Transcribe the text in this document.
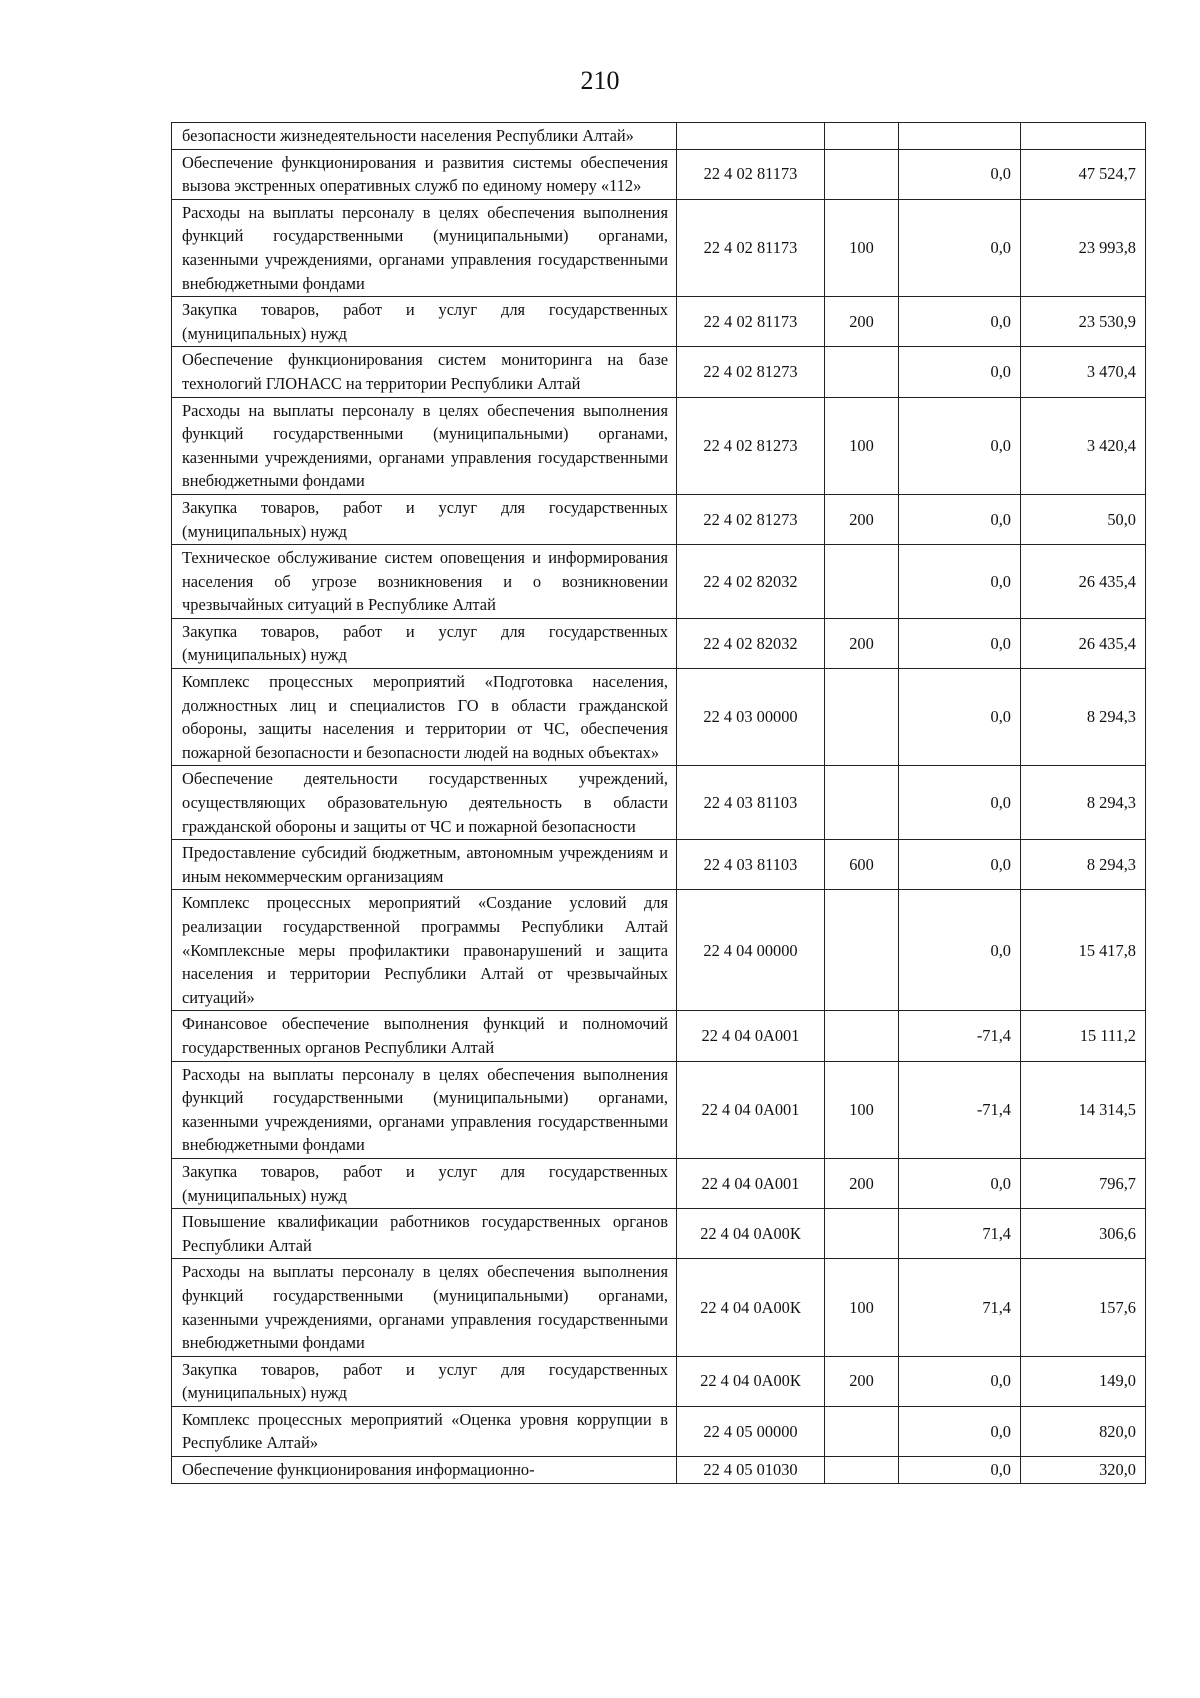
210
безопасности жизнедеятельности населения Республики Алтай»				
Обеспечение функционирования и развития системы обеспечения вызова экстренных оперативных служб по единому номеру «112»	22 4 02 81173		0,0	47 524,7
Расходы на выплаты персоналу в целях обеспечения выполнения функций государственными (муниципальными) органами, казенными учреждениями, органами управления государственными внебюджетными фондами	22 4 02 81173	100	0,0	23 993,8
Закупка товаров, работ и услуг для государственных (муниципальных) нужд	22 4 02 81173	200	0,0	23 530,9
Обеспечение функционирования систем мониторинга на базе технологий ГЛОНАСС на территории Республики Алтай	22 4 02 81273		0,0	3 470,4
Расходы на выплаты персоналу в целях обеспечения выполнения функций государственными (муниципальными) органами, казенными учреждениями, органами управления государственными внебюджетными фондами	22 4 02 81273	100	0,0	3 420,4
Закупка товаров, работ и услуг для государственных (муниципальных) нужд	22 4 02 81273	200	0,0	50,0
Техническое обслуживание систем оповещения и информирования населения об угрозе возникновения и о возникновении чрезвычайных ситуаций в Республике Алтай	22 4 02 82032		0,0	26 435,4
Закупка товаров, работ и услуг для государственных (муниципальных) нужд	22 4 02 82032	200	0,0	26 435,4
Комплекс процессных мероприятий «Подготовка населения, должностных лиц и специалистов ГО в области гражданской обороны, защиты населения и территории от ЧС, обеспечения пожарной безопасности и безопасности людей на водных объектах»	22 4 03 00000		0,0	8 294,3
Обеспечение деятельности государственных учреждений, осуществляющих образовательную деятельность в области гражданской обороны и защиты от ЧС и пожарной безопасности	22 4 03 81103		0,0	8 294,3
Предоставление субсидий бюджетным, автономным учреждениям и иным некоммерческим организациям	22 4 03 81103	600	0,0	8 294,3
Комплекс процессных мероприятий «Создание условий для реализации государственной программы Республики Алтай «Комплексные меры профилактики правонарушений и защита населения и территории Республики Алтай от чрезвычайных ситуаций»	22 4 04 00000		0,0	15 417,8
Финансовое обеспечение выполнения функций и полномочий государственных органов Республики Алтай	22 4 04 0А001		-71,4	15 111,2
Расходы на выплаты персоналу в целях обеспечения выполнения функций государственными (муниципальными) органами, казенными учреждениями, органами управления государственными внебюджетными фондами	22 4 04 0А001	100	-71,4	14 314,5
Закупка товаров, работ и услуг для государственных (муниципальных) нужд	22 4 04 0А001	200	0,0	796,7
Повышение квалификации работников государственных органов Республики Алтай	22 4 04 0А00К		71,4	306,6
Расходы на выплаты персоналу в целях обеспечения выполнения функций государственными (муниципальными) органами, казенными учреждениями, органами управления государственными внебюджетными фондами	22 4 04 0А00К	100	71,4	157,6
Закупка товаров, работ и услуг для государственных (муниципальных) нужд	22 4 04 0А00К	200	0,0	149,0
Комплекс процессных мероприятий «Оценка уровня коррупции в Республике Алтай»	22 4 05 00000		0,0	820,0
Обеспечение функционирования информационно-	22 4 05 01030		0,0	320,0
